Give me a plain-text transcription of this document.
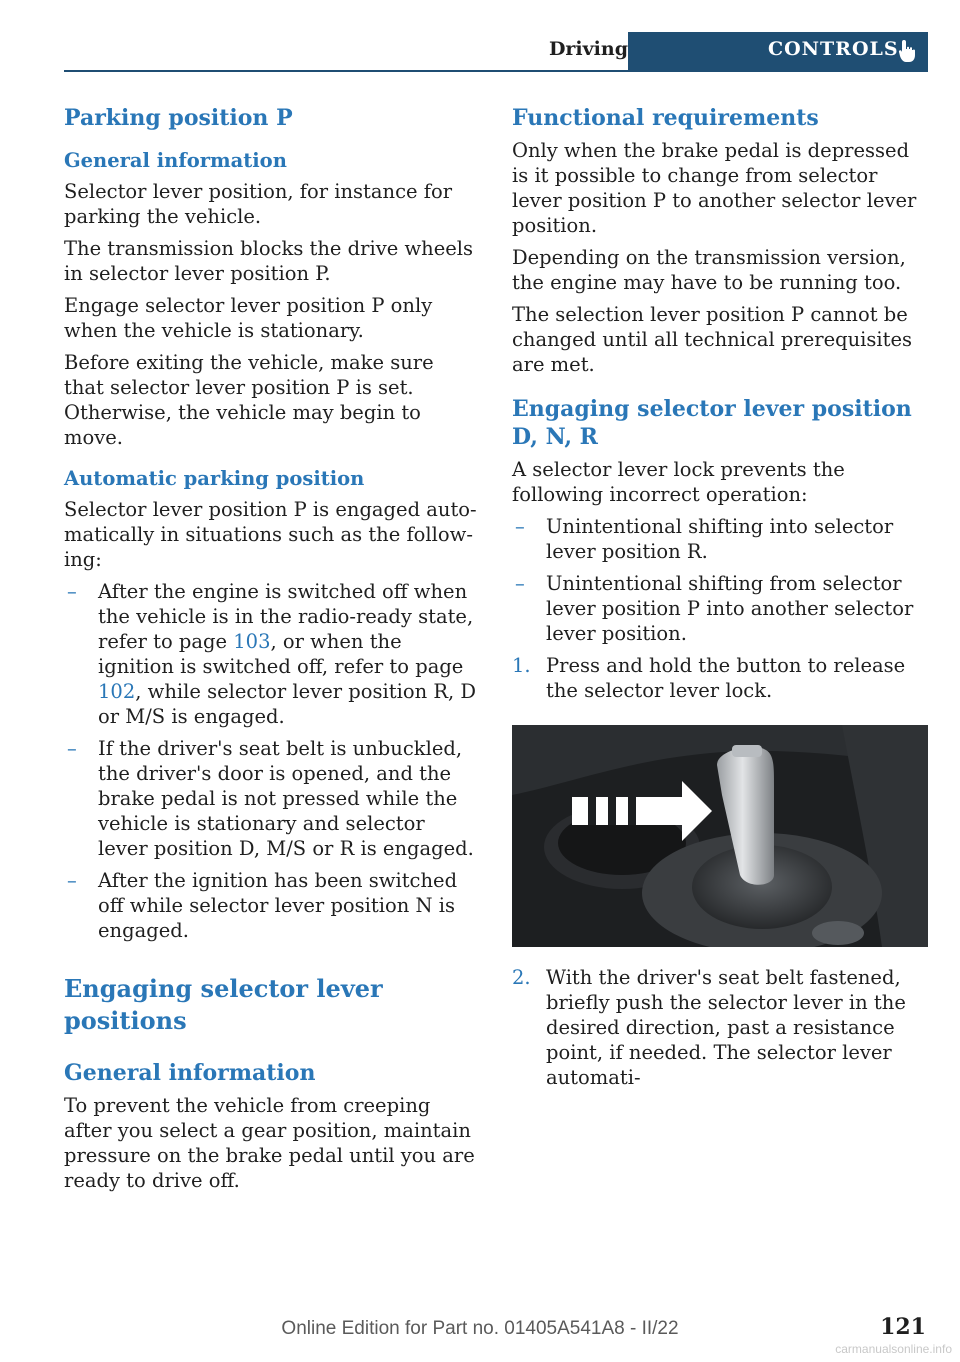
Driving	CONTROLS
Parking position P
General information

Selector lever position, for instance for parking the vehicle.

The transmission blocks the drive wheels in selector lever position P.

Engage selector lever position P only when the vehicle is stationary.

Before exiting the vehicle, make sure that selector lever position P is set. Otherwise, the vehicle may begin to move.

Automatic parking position

Selector lever position P is engaged automatically in situations such as the following:

– After the engine is switched off when the vehicle is in the radio-ready state, refer to page 103, or when the ignition is switched off, refer to page 102, while selector lever position R, D or M/S is engaged.
– If the driver's seat belt is unbuckled, the driver's door is opened, and the brake pedal is not pressed while the vehicle is stationary and selector lever position D, M/S or R is engaged.
– After the ignition has been switched off while selector lever position N is engaged.
Engaging selector lever positions
General information

To prevent the vehicle from creeping after you select a gear position, maintain pressure on the brake pedal until you are ready to drive off.

Functional requirements

Only when the brake pedal is depressed is it possible to change from selector lever position P to another selector lever position.

Depending on the transmission version, the engine may have to be running too.

The selection lever position P cannot be changed until all technical prerequisites are met.

Engaging selector lever position D, N, R

A selector lever lock prevents the following incorrect operation:

– Unintentional shifting into selector lever position R.
– Unintentional shifting from selector lever position P into another selector lever position.
1. Press and hold the button to release the selector lever lock.
2. With the driver's seat belt fastened, briefly push the selector lever in the desired direction, past a resistance point, if needed. The selector lever automati-
121
Online Edition for Part no. 01405A541A8 - II/22
carmanualsonline.info
